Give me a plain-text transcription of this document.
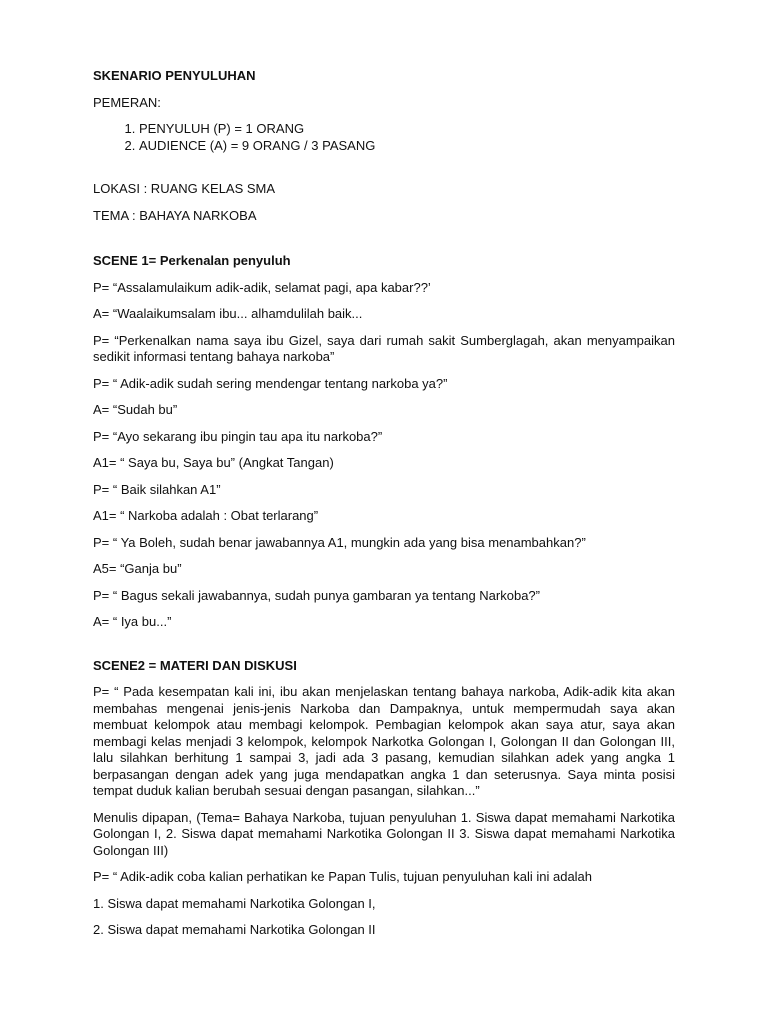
SKENARIO PENYULUHAN

PEMERAN:

1. PENYULUH (P) = 1 ORANG
2. AUDIENCE (A) = 9 ORANG / 3 PASANG

LOKASI : RUANG KELAS SMA

TEMA : BAHAYA NARKOBA

SCENE 1= Perkenalan penyuluh

P= “Assalamulaikum adik-adik, selamat pagi, apa kabar??’

A= “Waalaikumsalam ibu... alhamdulilah baik...

P= “Perkenalkan nama saya ibu Gizel, saya dari rumah sakit Sumberglagah, akan menyampaikan sedikit informasi tentang bahaya narkoba”

P= “ Adik-adik sudah sering mendengar tentang narkoba ya?”

A= “Sudah bu”

P= “Ayo sekarang ibu pingin tau apa itu narkoba?”

A1= “ Saya bu, Saya bu” (Angkat Tangan)

P= “ Baik silahkan A1”

A1= “ Narkoba adalah : Obat terlarang”

P= “ Ya Boleh, sudah benar jawabannya A1, mungkin ada yang bisa menambahkan?”

A5= “Ganja bu”

P= “ Bagus sekali jawabannya, sudah punya gambaran ya tentang Narkoba?”

A= “ Iya bu...”

SCENE2 = MATERI DAN DISKUSI

P= “ Pada kesempatan kali ini, ibu akan menjelaskan tentang bahaya narkoba, Adik-adik kita akan membahas mengenai jenis-jenis Narkoba dan Dampaknya, untuk mempermudah saya akan membuat kelompok atau membagi kelompok. Pembagian kelompok akan saya atur, saya akan membagi kelas menjadi 3 kelompok, kelompok Narkotka Golongan I, Golongan II dan Golongan III, lalu silahkan berhitung 1 sampai 3, jadi ada 3 pasang, kemudian silahkan adek yang angka 1 berpasangan dengan adek yang juga mendapatkan angka 1 dan seterusnya. Saya minta posisi tempat duduk kalian berubah sesuai dengan pasangan, silahkan...”

Menulis dipapan, (Tema= Bahaya Narkoba, tujuan penyuluhan 1. Siswa dapat memahami Narkotika Golongan I, 2. Siswa dapat memahami Narkotika Golongan II 3. Siswa dapat memahami Narkotika Golongan III)

P= “ Adik-adik coba kalian perhatikan ke Papan Tulis, tujuan penyuluhan kali ini adalah

1. Siswa dapat memahami Narkotika Golongan I,

2. Siswa dapat memahami Narkotika Golongan II
